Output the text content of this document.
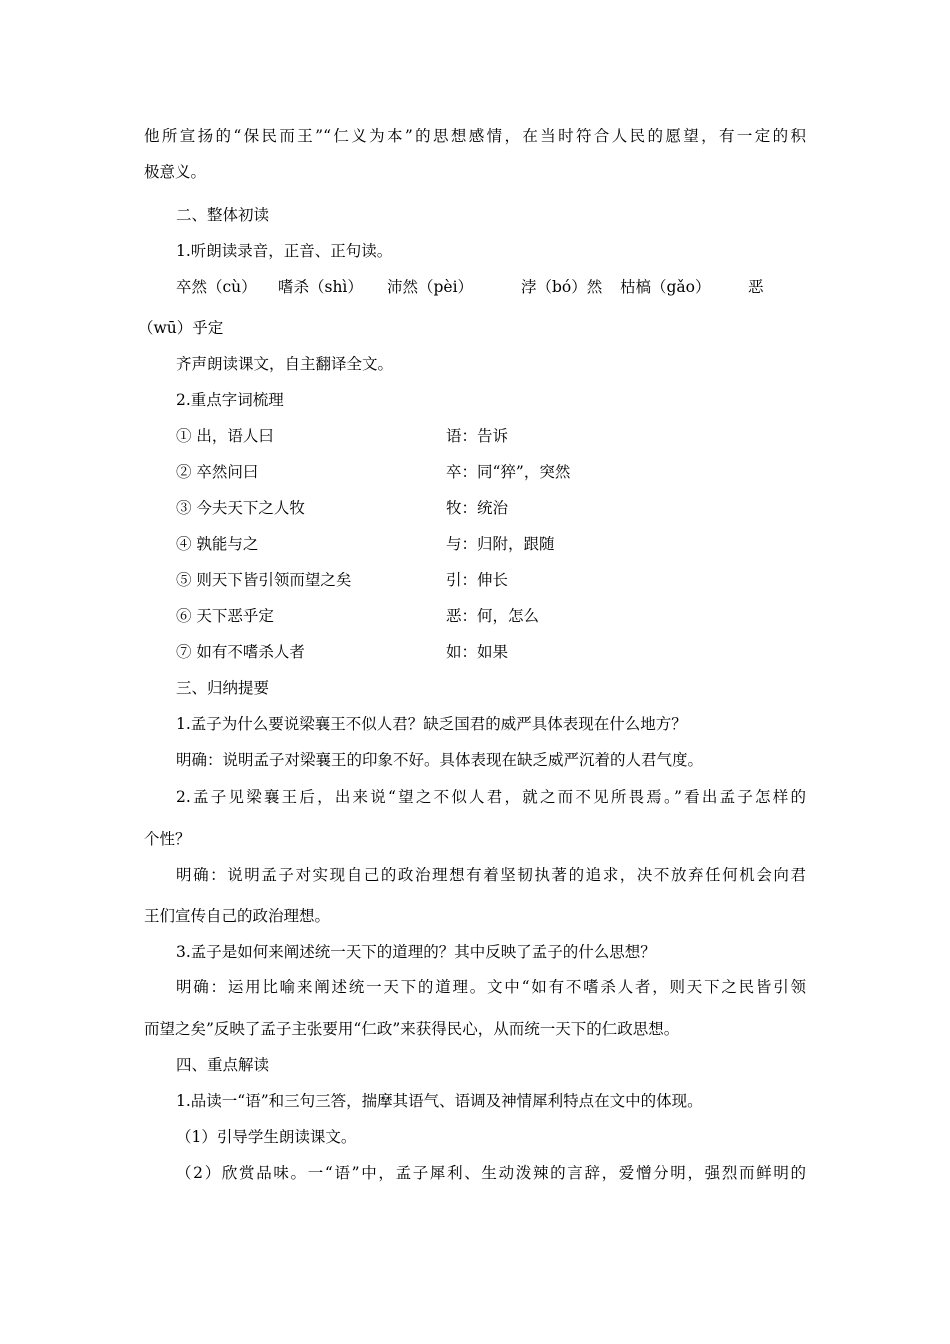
他所宣扬的“保民而王”“仁义为本”的思想感情，在当时符合人民的愿望，有一定的积
极意义。
二、整体初读
1.听朗读录音，正音、正句读。
卒然（cù） 嗜杀（shì） 沛然（pèi）	浡（bó）然 枯槁（gǎo） 恶
（wū）乎定
齐声朗读课文，自主翻译全文。
2.重点字词梳理
① 出，语人曰	语：告诉
② 卒然问曰	卒：同“猝”，突然
③ 今夫天下之人牧	牧：统治
④ 孰能与之	与：归附，跟随
⑤ 则天下皆引领而望之矣	引：伸长
⑥ 天下恶乎定	恶：何，怎么
⑦ 如有不嗜杀人者	如：如果
三、归纳提要
1.孟子为什么要说梁襄王不似人君？缺乏国君的威严具体表现在什么地方？
明确：说明孟子对梁襄王的印象不好。具体表现在缺乏威严沉着的人君气度。
2.孟子见梁襄王后，出来说“望之不似人君，就之而不见所畏焉。”看出孟子怎样的
个性？
明确：说明孟子对实现自己的政治理想有着坚韧执著的追求，决不放弃任何机会向君
王们宣传自己的政治理想。
3.孟子是如何来阐述统一天下的道理的？其中反映了孟子的什么思想？
明确：运用比喻来阐述统一天下的道理。文中“如有不嗜杀人者，则天下之民皆引领
而望之矣”反映了孟子主张要用“仁政”来获得民心，从而统一天下的仁政思想。
四、重点解读
1.品读一“语”和三句三答，揣摩其语气、语调及神情犀利特点在文中的体现。
（1）引导学生朗读课文。
（2）欣赏品味。一“语”中，孟子犀利、生动泼辣的言辞，爱憎分明，强烈而鲜明的
